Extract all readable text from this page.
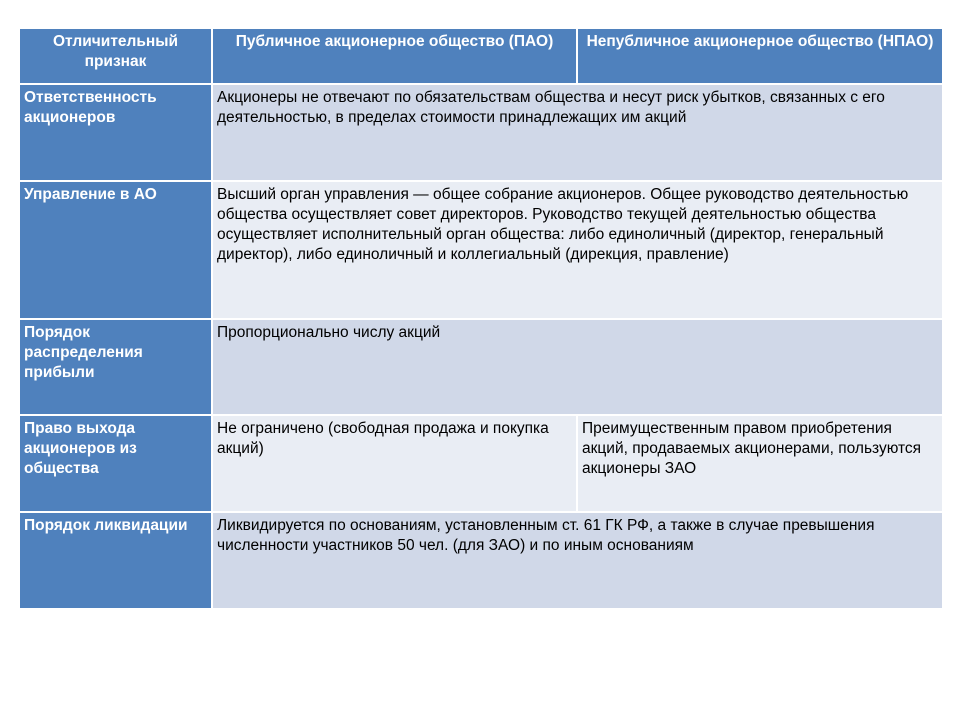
Отличительный признак	Публичное акционерное общество (ПАО)	Непубличное акционерное общество (НПАО)
Ответственность акционеров	Акционеры не отвечают по обязательствам общества и несут риск убытков, связанных с его деятельностью, в пределах стоимости принадлежащих им акций	
Управление в АО	Высший орган управления — общее собрание акционеров. Общее руководство деятельностью общества осуществляет совет директоров. Руководство текущей деятельностью общества осуществляет исполнительный орган общества: либо единоличный (директор, генеральный директор), либо единоличный и коллегиальный (дирекция, правление)	
Порядок распределения прибыли	Пропорционально числу акций	
Право выхода акционеров из общества	Не ограничено (свободная продажа и покупка акций)	Преимущественным правом приобретения акций, продаваемых акционерами, пользуются акционеры ЗАО
Порядок ликвидации	Ликвидируется по основаниям, установленным ст. 61 ГК РФ, а также в случае превышения численности участников 50 чел. (для ЗАО) и по иным основаниям	
